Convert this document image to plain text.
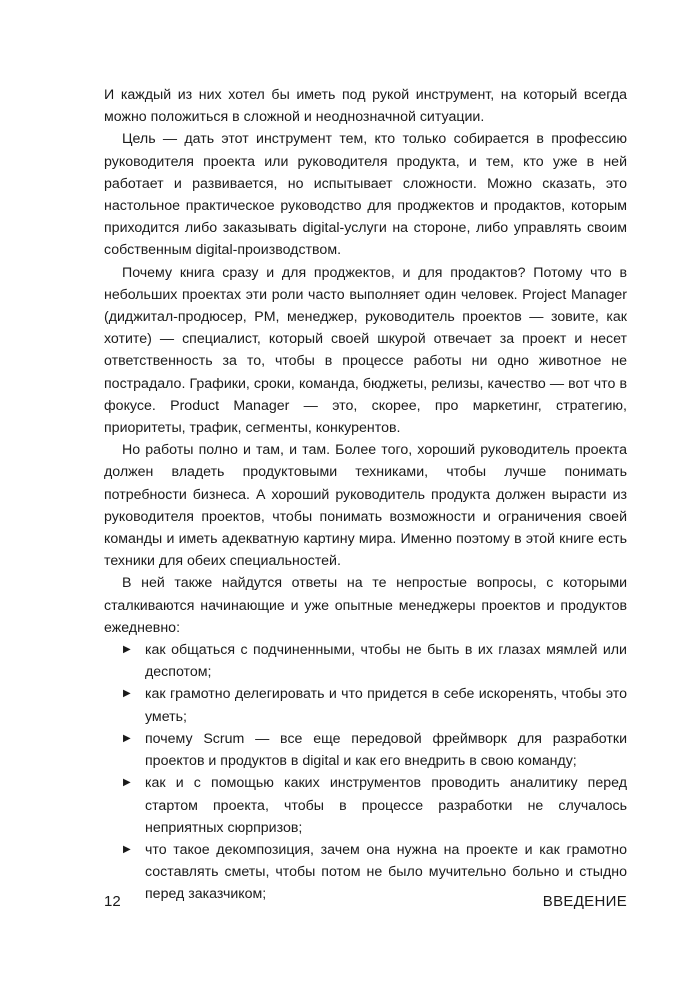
И каждый из них хотел бы иметь под рукой инструмент, на который всегда можно положиться в сложной и неоднозначной ситуации.

Цель — дать этот инструмент тем, кто только собирается в профессию руководителя проекта или руководителя продукта, и тем, кто уже в ней работает и развивается, но испытывает сложности. Можно сказать, это настольное практическое руководство для проджектов и продактов, которым приходится либо заказывать digital-услуги на стороне, либо управлять своим собственным digital-производством.

Почему книга сразу и для проджектов, и для продактов? Потому что в небольших проектах эти роли часто выполняет один человек. Project Manager (диджитал-продюсер, PM, менеджер, руководитель проектов — зовите, как хотите) — специалист, который своей шкурой отвечает за проект и несет ответственность за то, чтобы в процессе работы ни одно животное не пострадало. Графики, сроки, команда, бюджеты, релизы, качество — вот что в фокусе. Product Manager — это, скорее, про маркетинг, стратегию, приоритеты, трафик, сегменты, конкурентов.

Но работы полно и там, и там. Более того, хороший руководитель проекта должен владеть продуктовыми техниками, чтобы лучше понимать потребности бизнеса. А хороший руководитель продукта должен вырасти из руководителя проектов, чтобы понимать возможности и ограничения своей команды и иметь адекватную картину мира. Именно поэтому в этой книге есть техники для обеих специальностей.

В ней также найдутся ответы на те непростые вопросы, с которыми сталкиваются начинающие и уже опытные менеджеры проектов и продуктов ежедневно:

▶ как общаться с подчиненными, чтобы не быть в их глазах мямлей или деспотом;
▶ как грамотно делегировать и что придется в себе искоренять, чтобы это уметь;
▶ почему Scrum — все еще передовой фреймворк для разработки проектов и продуктов в digital и как его внедрить в свою команду;
▶ как и с помощью каких инструментов проводить аналитику перед стартом проекта, чтобы в процессе разработки не случалось неприятных сюрпризов;
▶ что такое декомпозиция, зачем она нужна на проекте и как грамотно составлять сметы, чтобы потом не было мучительно больно и стыдно перед заказчиком;
12	ВВЕДЕНИЕ
